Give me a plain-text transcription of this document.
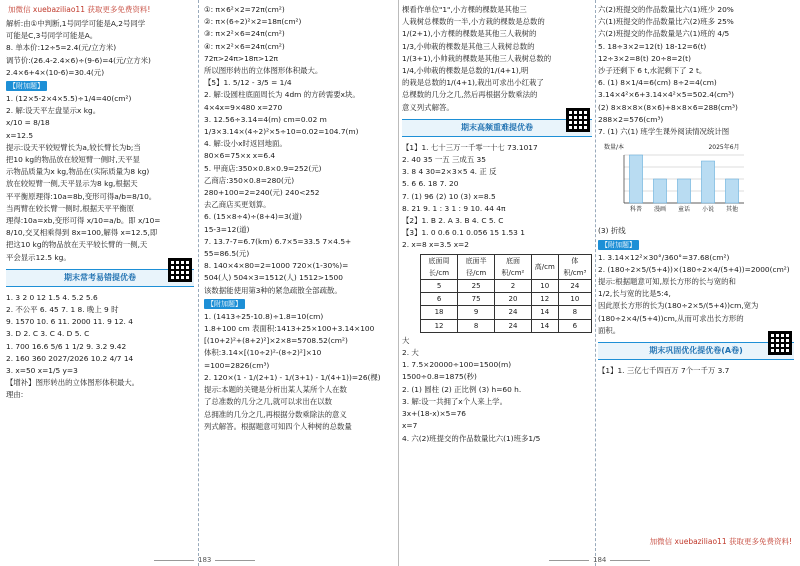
加微信 xuebaziliao11 获取更多免费资料!
解析:由①中判断,1号同学可能是A,2号同学
可能是C,3号同学可能是A。
8. 单本价:12÷5=2.4(元/立方米)
调节价:(26.4-2.4×6)÷(9-6)=4(元/立方米)
2.4×6+4×(10-6)=30.4(元)
【附加题】
1. (12×5-2×4×5.5)÷1/4=40(cm²)
2. 解:设天平左盘显示x kg。
x/10 = 8/18
x=12.5
提示:设天平较短臂长为a,较长臂长为b;当
把10 kg的物品放在较短臂一侧时,天平显
示物品质量为x kg,物品在(实际质量为8 kg)
放在较短臂一侧,天平显示为8 kg,根据天
平平衡原理得:10a=8b,变形可得a/b=8/10。
当两臂在较长臂一侧时,根据天平平衡原
理得:10a=xb,变形可得 x/10=a/b。即 x/10=
8/10,交叉相乘得到 8x=100,解得 x=12.5,即
把这10 kg的物品放在天平较长臂的一侧,天
平会显示12.5 kg。
期末常考易错提优卷
1. 3 2 0 12 1.5 4. 5.2 5.6
2. 不公平 6. 45 7. 1 8. 晚上 9 时
9. 1570 10. 6 11. 2000 11. 9 12. 4
3. D 2. C 3. C 4. D 5. C
1. 700 16.6 5/6 1 1/2 9. 3.2 9.42
2. 160 360 2027/2026 10.2 4/7 14
3. x=50 x=1/5 y=3
【增补】图形转出的立体图形体积最大。
理由:
①: π×6²×2=72π(cm²)
②: π×(6÷2)²×2=18π(cm²)
③: π×2²×6=24π(cm²)
④: π×2²×6=24π(cm²)
72π>24π>18π>12π
所以图形转出的立体图形体积最大。
【5】1. 5/12 - 3/5 = 1/4
2. 解:设圆柱底面周长为 4dm 的方砖需要x块。
4×4x=9×480 x=270
3. 12.56÷3.14=4(m) cm=0.02 m
1/3×3.14×(4÷2)²×5÷10=0.02=104.7(m)
4. 解:设小x时返回地面。
80×6=75×x x=6.4
5. 甲商店:350×0.8×0.9=252(元)
乙商店:350×0.8=280(元)
280+100=2=240(元) 240<252
去乙商店买更划算。
6. (15×8÷4)÷(8+4)=3(道)
15-3=12(道)
7. 13.7-7=6.7(km) 6.7×5=33.5 7×4.5+
55=86.5(元)
8. 140×4×80=2=1000 720×(1-30%)=
504(人) 504×3=1512(人) 1512>1500
该数据能使用第3种的紧急疏散全部疏散。
【附加题】
1. (1413÷25-10.8)÷1.8=10(cm)
1.8+100 cm 表面积:1413+25×100+3.14×100
[(10+2)²+(8+2)²]×2×8=5708.52(cm²)
体积:3.14×[(10÷2)²-(8÷2)²]×10
=100=2826(cm³)
2. 120×(1 - 1/(2+1) - 1/(3+1) - 1/(4+1))=26(棵)
提示:本题的关键是分析出某人某所个人在数
了总准数的几分之几,就可以求出在以数
总拥准的几分之几,再根据分数乘除法的意义
列式解答。根据题意可知四个人种树的总数量
棵看作单位"1",小方棵的棵数是其他三
人栽树总棵数的一半,小方栽的棵数是总数的
1/(2+1),小方棵的棵数是其他三人栽树的
1/3,小帅栽的棵数是其他三人栽树总数的
1/(3+1),小帅栽的棵数是其他三人栽树总数的
1/4,小帅栽的棵数是总数的1/(4+1),明
的栽是总数的1/(4+1),栽出可求出小红栽了
总棵数的几分之几,然后再根据分数乘法的
意义列式解答。
期末高频重难提优卷
【1】1. 七十三万一千零一十七 73.1017
2. 40 35 一五 三成五 35
3. 8 4 30=2×3×5 4. 正 反
5. 6 6. 18 7. 20
7. (1) 96 (2) 10 (3) x=8.5
8. 21 9. 1 : 3 1 : 9 10. 44 4π
【2】1. B 2. A 3. B 4. C 5. C
【3】1. 0 0.6 0.1 0.056 15 1.53 1
2. x=8 x=3.5 x=2
底面周长/cm	底面半径/cm	底面积/cm²	高/cm	体积/cm³
5	25	2	10	24
6	75	20	12	10
18	9	24	14	8
12	8	24	14	6
大
2. 大
1. 7.5×20000÷100=1500(m)
1500÷0.8=1875(秒)
2. (1) 圆柱 (2) 正比例 (3) h=60 h.
3. 解:设一共拥了x个人来上学。
3x+(18-x)×5=76
x=7
4. 六(2)班提交的作品数量比六(1)班多1/5
六(2)班提交的作品数量比六(1)班少 20%
六(1)班提交的作品数量比六(2)班多 25%
六(2)班提交的作品数量是六(1)班的 4/5
5. 18÷3×2=12(t) 18-12=6(t)
12÷3×2=8(t) 20÷8=2(t)
沙子还剩下 6 t,水泥剩下了 2 t。
6. (1) 8×1/4=6(cm) 8÷2=4(cm)
3.14×4²×6+3.14×4²×5=502.4(cm³)
(2) 8×8×8×(8×6)+8×8×6=288(cm³)
288×2=576(cm³)
7. (1) 六(1) 班学生课外阅读情况统计图
数量/本	2025年6月
科普 漫画 童话 小说 其他
(3) 折线
【附加题】
1. 3.14×12²×30°/360°=37.68(cm²)
2. (180÷2×5/(5+4))×(180÷2×4/(5+4))=2000(cm²)
提示:根据题意可知,原长方形的长与宽的和
1/2,长与宽的比是5:4,
因此原长方形的长为(180÷2×5/(5+4))cm,宽为
(180÷2×4/(5+4))cm,从而可求出长方形的
面积。
期末巩固优化提优卷(A卷)
【1】1. 三亿七千四百万 7个一千万 3.7
加微信 xuebaziliao11 获取更多免费资料!
183	184
